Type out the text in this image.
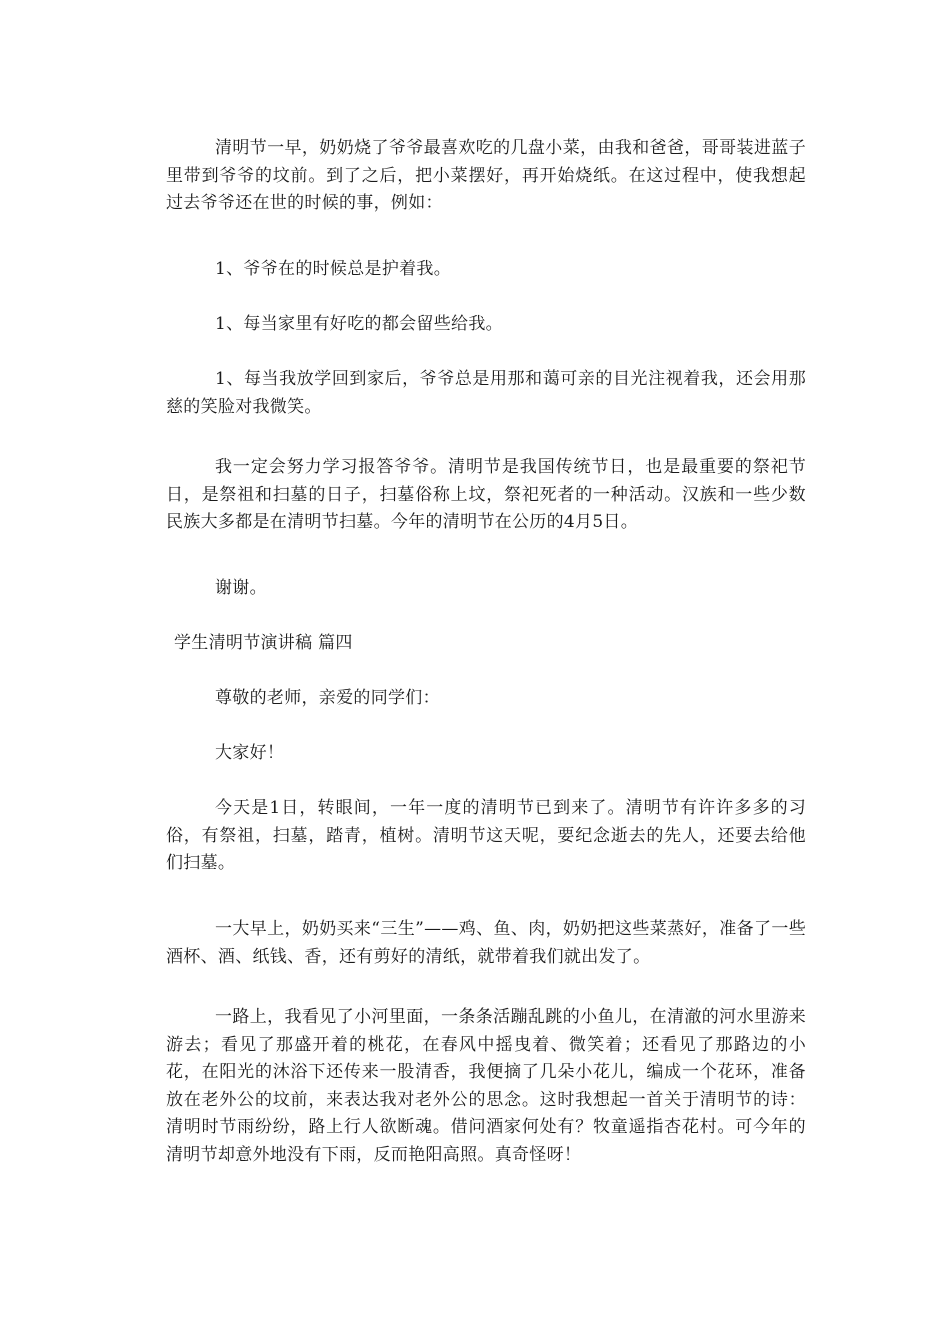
清明节一早，奶奶烧了爷爷最喜欢吃的几盘小菜，由我和爸爸，哥哥装进蓝子里带到爷爷的坟前。到了之后，把小菜摆好，再开始烧纸。在这过程中，使我想起过去爷爷还在世的时候的事，例如：

1、爷爷在的时候总是护着我。

1、每当家里有好吃的都会留些给我。

1、每当我放学回到家后，爷爷总是用那和蔼可亲的目光注视着我，还会用那慈的笑脸对我微笑。

我一定会努力学习报答爷爷。清明节是我国传统节日，也是最重要的祭祀节日，是祭祖和扫墓的日子，扫墓俗称上坟，祭祀死者的一种活动。汉族和一些少数民族大多都是在清明节扫墓。今年的清明节在公历的4月5日。

谢谢。

学生清明节演讲稿 篇四

尊敬的老师，亲爱的同学们：

大家好！

今天是1日，转眼间，一年一度的清明节已到来了。清明节有许许多多的习俗，有祭祖，扫墓，踏青，植树。清明节这天呢，要纪念逝去的先人，还要去给他们扫墓。

一大早上，奶奶买来“三生”——鸡、鱼、肉，奶奶把这些菜蒸好，准备了一些酒杯、酒、纸钱、香，还有剪好的清纸，就带着我们就出发了。

一路上，我看见了小河里面，一条条活蹦乱跳的小鱼儿，在清澈的河水里游来游去；看见了那盛开着的桃花，在春风中摇曳着、微笑着；还看见了那路边的小花，在阳光的沐浴下还传来一股清香，我便摘了几朵小花儿，编成一个花环，准备放在老外公的坟前，来表达我对老外公的思念。这时我想起一首关于清明节的诗：清明时节雨纷纷，路上行人欲断魂。借问酒家何处有？牧童遥指杏花村。可今年的清明节却意外地没有下雨，反而艳阳高照。真奇怪呀！
